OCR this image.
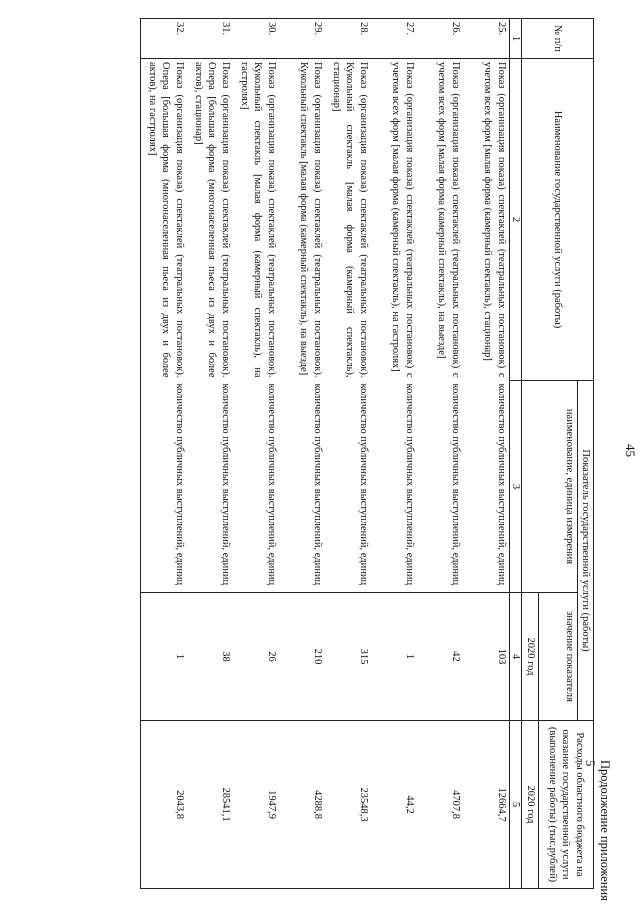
45
Продолжение приложения 5
№ п/п	Наименование государственной услуги (работы)	Показатель государственной услуги (работы)		Расходы областного бюджета на оказание государственной услуги (выполнение работы) (тыс.рублей)
		наименование, единица измерения	значение показателя	
			2020 год	2020 год
1	2	3	4	5
25.	Показ (организация показа) спектаклей (театральных постановок) с учетом всех форм [малая форма (камерный спектакль), стационар]	количество публичных выступлений, единиц	103	12664,7
26.	Показ (организация показа) спектаклей (театральных постановок) с учетом всех форм [малая форма (камерный спектакль), на выезде]	количество публичных выступлений, единиц	42	4707,8
27.	Показ (организация показа) спектаклей (театральных постановок) с учетом всех форм [малая форма (камерный спектакль), на гастролях]	количество публичных выступлений, единиц	1	44,2
28.	Показ (организация показа) спектаклей (театральных постановок). Кукольный спектакль [малая форма (камерный спектакль), стационар]	количество публичных выступлений, единиц	315	23548,3
29.	Показ (организация показа) спектаклей (театральных постановок). Кукольный спектакль [малая форма (камерный спектакль), на выезде]	количество публичных выступлений, единиц	210	4288,8
30.	Показ (организация показа) спектаклей (театральных постановок). Кукольный спектакль [малая форма (камерный спектакль), на гастролях]	количество публичных выступлений, единиц	26	1947,9
31.	Показ (организация показа) спектаклей (театральных постановок). Опера [большая форма (многонаселенная пьеса из двух и более актов), стационар]	количество публичных выступлений, единиц	38	28541,1
32.	Показ (организация показа) спектаклей (театральных постановок). Опера [большая форма (многонаселенная пьеса из двух и более актов), на гастролях]	количество публичных выступлений, единиц	1	2043,8
